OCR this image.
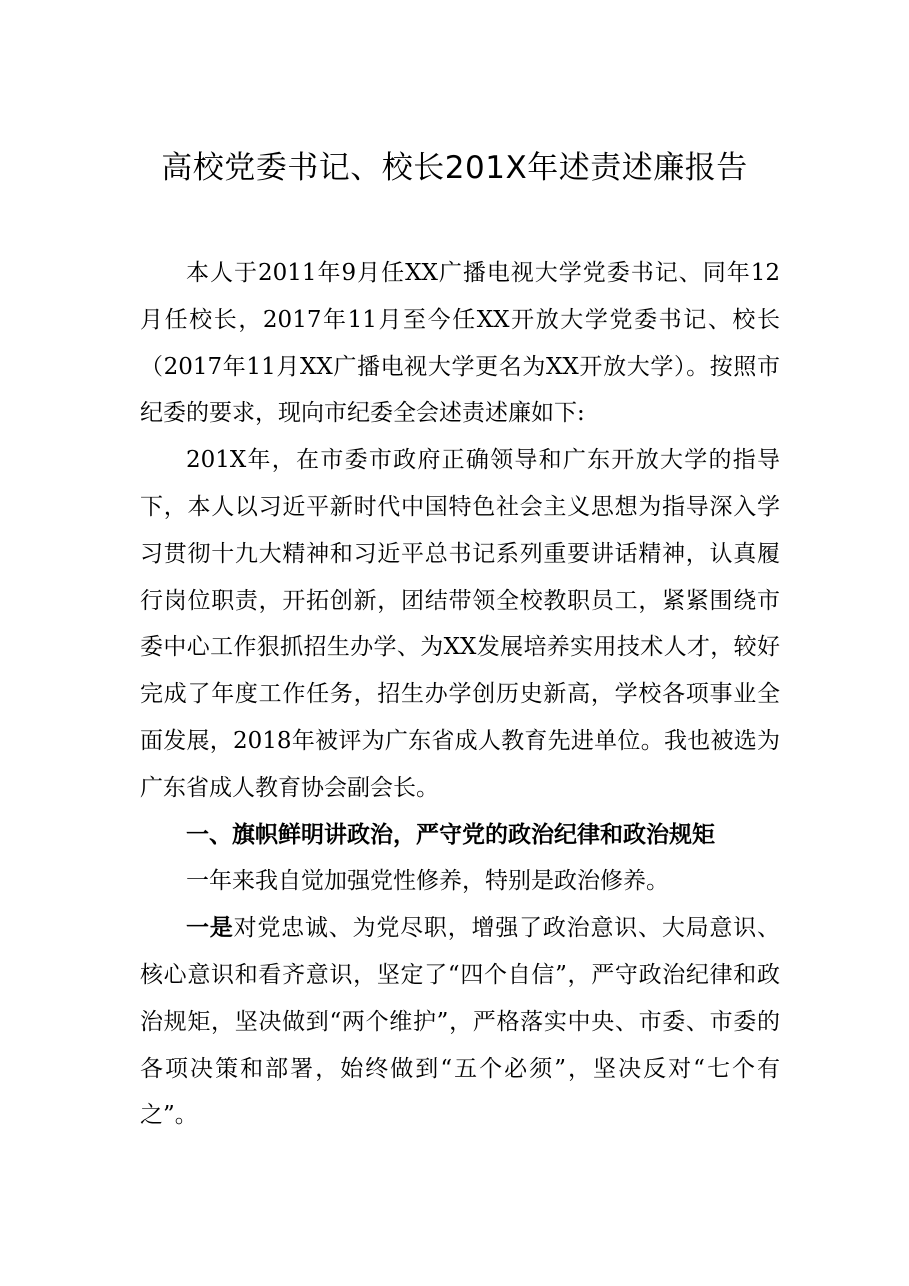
高校党委书记、校长201X年述责述廉报告

本人于2011年9月任XX广播电视大学党委书记、同年12月任校长，2017年11月至今任XX开放大学党委书记、校长（2017年11月XX广播电视大学更名为XX开放大学）。按照市纪委的要求，现向市纪委全会述责述廉如下:

201X年，在市委市政府正确领导和广东开放大学的指导下，本人以习近平新时代中国特色社会主义思想为指导深入学习贯彻十九大精神和习近平总书记系列重要讲话精神，认真履行岗位职责，开拓创新，团结带领全校教职员工，紧紧围绕市委中心工作狠抓招生办学、为XX发展培养实用技术人才，较好完成了年度工作任务，招生办学创历史新高，学校各项事业全面发展，2018年被评为广东省成人教育先进单位。我也被选为广东省成人教育协会副会长。

一、旗帜鲜明讲政治，严守党的政治纪律和政治规矩

一年来我自觉加强党性修养，特别是政治修养。

一是对党忠诚、为党尽职，增强了政治意识、大局意识、核心意识和看齐意识，坚定了“四个自信”，严守政治纪律和政治规矩，坚决做到“两个维护”，严格落实中央、市委、市委的各项决策和部署，始终做到“五个必须”，坚决反对“七个有之”。
